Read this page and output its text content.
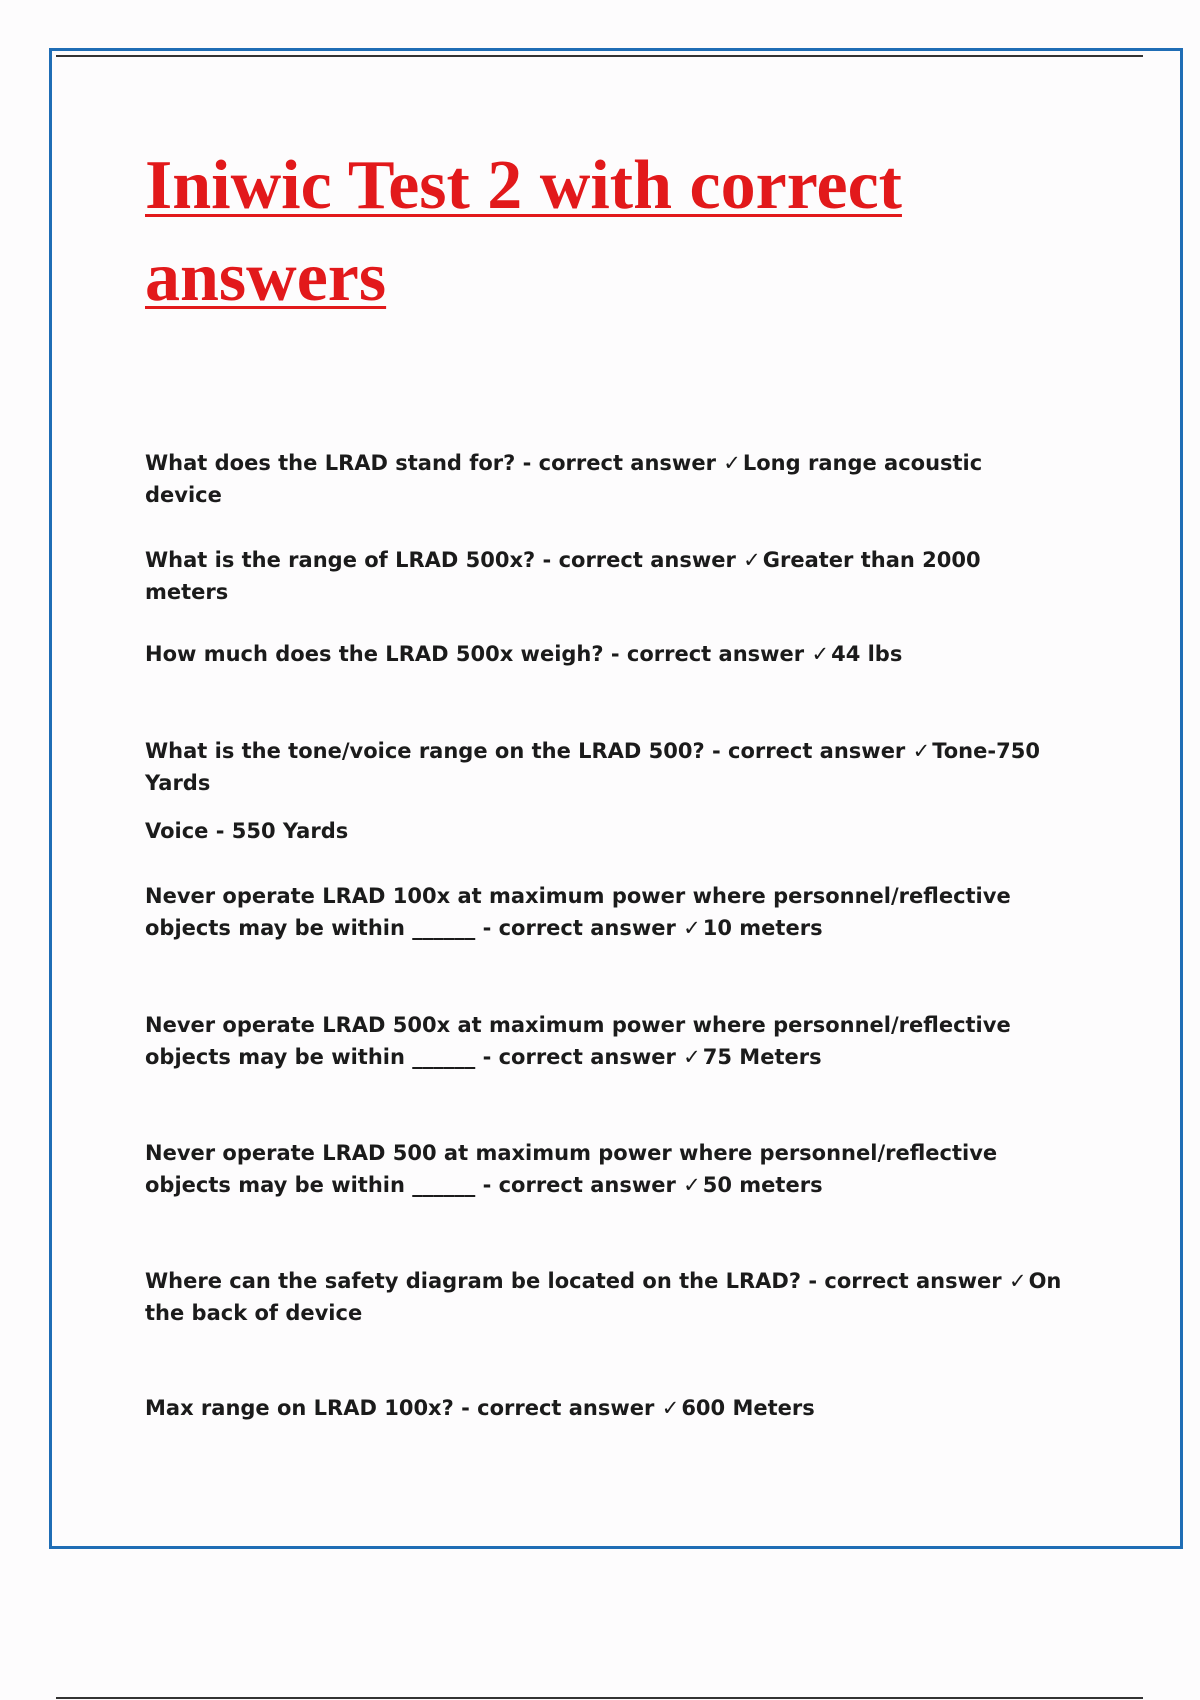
Iniwic Test 2 with correct
answers

What does the LRAD stand for? - correct answer ✓Long range acoustic device

What is the range of LRAD 500x? - correct answer ✓Greater than 2000 meters

How much does the LRAD 500x weigh? - correct answer ✓44 lbs

What is the tone/voice range on the LRAD 500? - correct answer ✓Tone-750 Yards
Voice - 550 Yards

Never operate LRAD 100x at maximum power where personnel/reflective objects may be within ______ - correct answer ✓10 meters

Never operate LRAD 500x at maximum power where personnel/reflective objects may be within ______ - correct answer ✓75 Meters

Never operate LRAD 500 at maximum power where personnel/reflective objects may be within ______ - correct answer ✓50 meters

Where can the safety diagram be located on the LRAD? - correct answer ✓On the back of device

Max range on LRAD 100x? - correct answer ✓600 Meters
